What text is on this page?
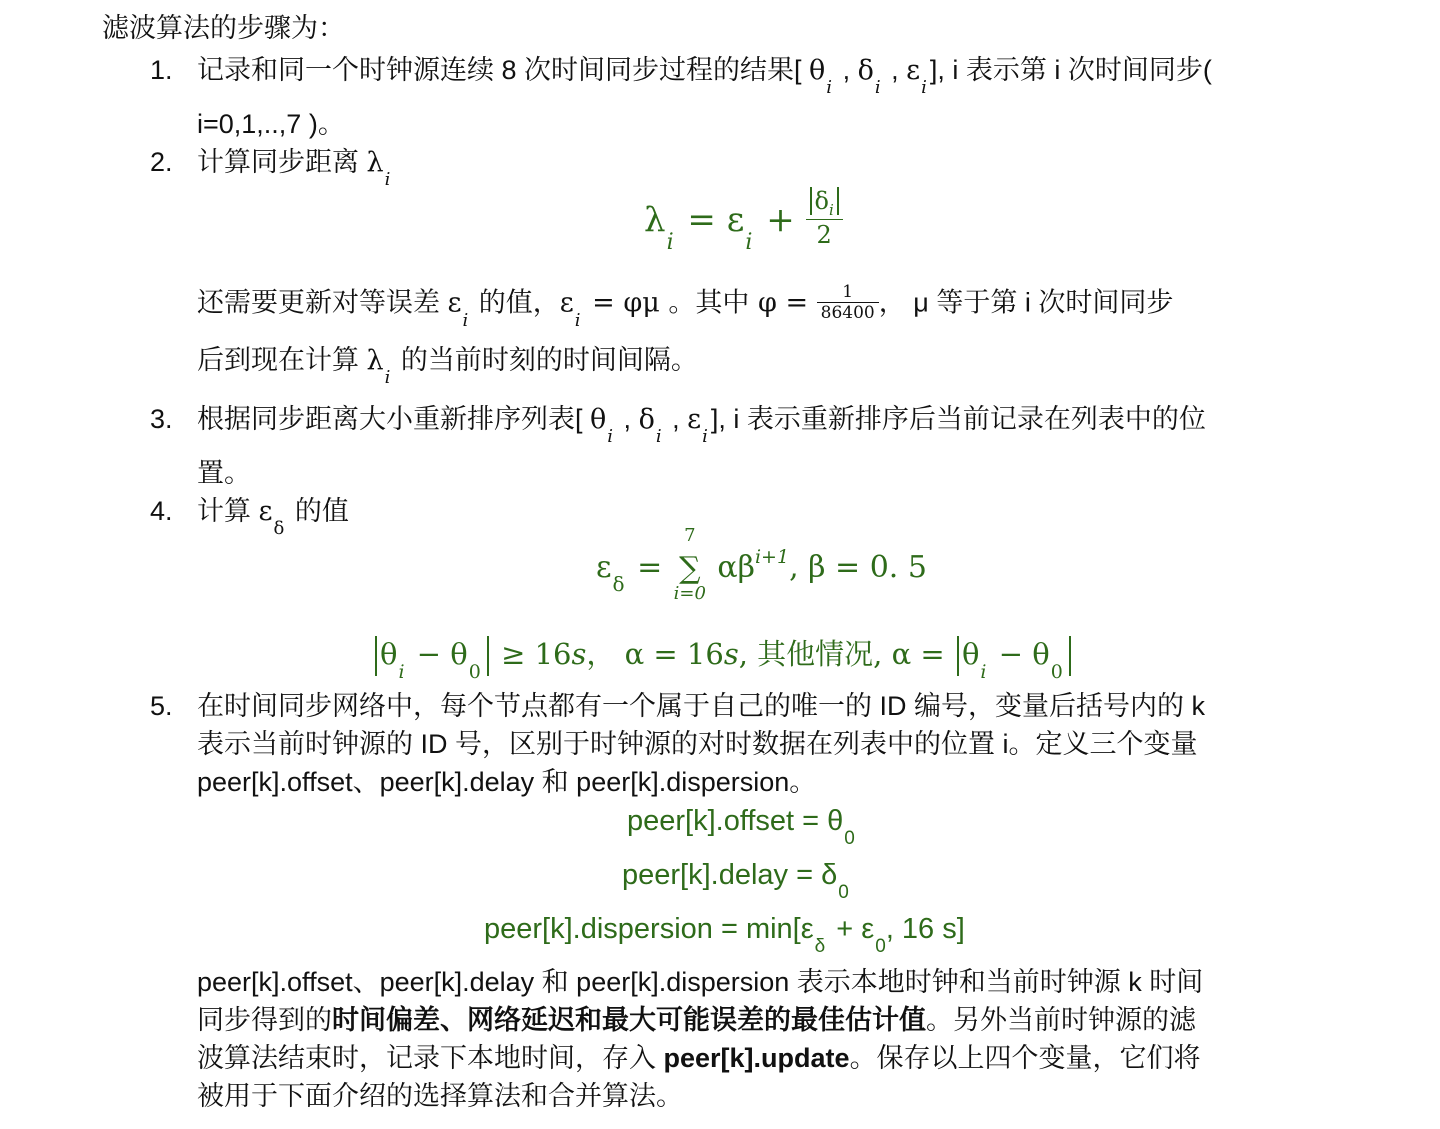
滤波算法的步骤为：
1. 记录和同一个时钟源连续 8 次时间同步过程的结果[ $\theta_i$ , $\delta_i$ , $\varepsilon_i$], i 表示第 i 次时间同步(
i=0,1,..,7 )。
2. 计算同步距离 $\lambda_i$
$\lambda_i = \varepsilon_i + \frac{\delta_i}{2}$
还需要更新对等误差 $\varepsilon_i$ 的值，$\varepsilon_i = \varphi\mu$ 。其中 $\varphi = \frac{1}{86400}$ ， μ 等于第 i 次时间同步
后到现在计算 $\lambda_i$ 的当前时刻的时间间隔。
3. 根据同步距离大小重新排序列表[ $\theta_i$ , $\delta_i$ , $\varepsilon_i$], i 表示重新排序后当前记录在列表中的位
置。
4. 计算 $\varepsilon_\delta$ 的值
$\varepsilon_\delta$ =
7
∑
i=0
$\alpha\beta^{i+1}$, β = 0. 5
$\theta_i - \theta_0 \ge 16s$， α = 16s, 其他情况, $\alpha = \theta_i - \theta_0$
5. 在时间同步网络中，每个节点都有一个属于自己的唯一的 ID 编号，变量后括号内的 k
表示当前时钟源的 ID 号，区别于时钟源的对时数据在列表中的位置 i。定义三个变量
peer[k].offset、peer[k].delay 和 peer[k].dispersion。
peer[k].offset = $\theta_0$
peer[k].delay = $\delta_0$
peer[k].dispersion = $\min[\varepsilon_\delta + \varepsilon_0$, 16 s]
peer[k].offset、peer[k].delay 和 peer[k].dispersion 表示本地时钟和当前时钟源 k 时间
同步得到的时间偏差、网络延迟和最大可能误差的最佳估计值。另外当前时钟源的滤
波算法结束时，记录下本地时间，存入 peer[k].update。保存以上四个变量，它们将
被用于下面介绍的选择算法和合并算法。
